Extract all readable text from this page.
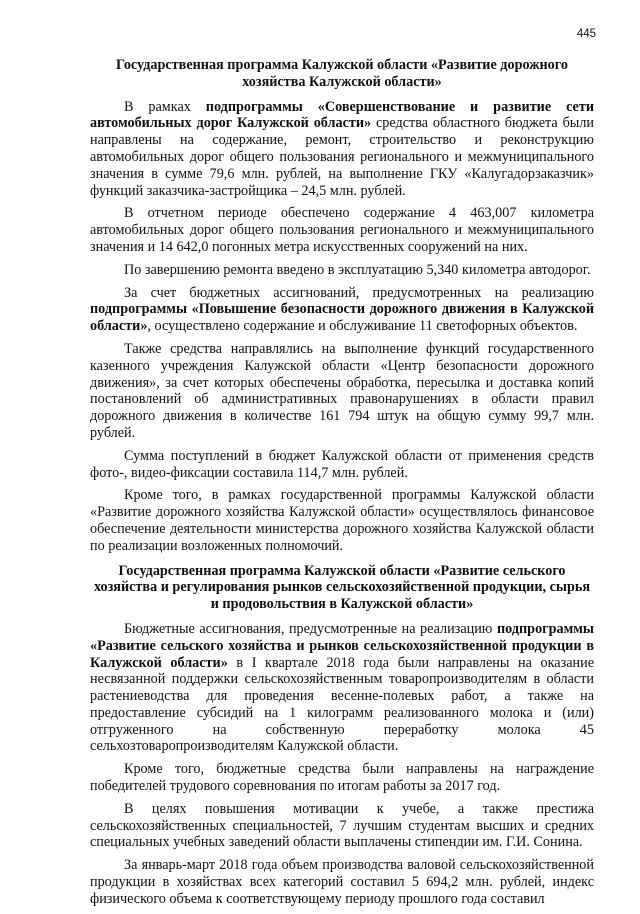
445

Государственная программа Калужской области «Развитие дорожного хозяйства Калужской области»

В рамках подпрограммы «Совершенствование и развитие сети автомобильных дорог Калужской области» средства областного бюджета были направлены на содержание, ремонт, строительство и реконструкцию автомобильных дорог общего пользования регионального и межмуниципального значения в сумме 79,6 млн. рублей, на выполнение ГКУ «Калугадорзаказчик» функций заказчика-застройщика – 24,5 млн. рублей.

В отчетном периоде обеспечено содержание 4 463,007 километра автомобильных дорог общего пользования регионального и межмуниципального значения и 14 642,0 погонных метра искусственных сооружений на них.

По завершению ремонта введено в эксплуатацию 5,340 километра автодорог.

За счет бюджетных ассигнований, предусмотренных на реализацию подпрограммы «Повышение безопасности дорожного движения в Калужской области», осуществлено содержание и обслуживание 11 светофорных объектов.

Также средства направлялись на выполнение функций государственного казенного учреждения Калужской области «Центр безопасности дорожного движения», за счет которых обеспечены обработка, пересылка и доставка копий постановлений об административных правонарушениях в области правил дорожного движения в количестве 161 794 штук на общую сумму 99,7 млн. рублей.

Сумма поступлений в бюджет Калужской области от применения средств фото-, видео-фиксации составила 114,7 млн. рублей.

Кроме того, в рамках государственной программы Калужской области «Развитие дорожного хозяйства Калужской области» осуществлялось финансовое обеспечение деятельности министерства дорожного хозяйства Калужской области по реализации возложенных полномочий.

Государственная программа Калужской области «Развитие сельского хозяйства и регулирования рынков сельскохозяйственной продукции, сырья и продовольствия в Калужской области»

Бюджетные ассигнования, предусмотренные на реализацию подпрограммы «Развитие сельского хозяйства и рынков сельскохозяйственной продукции в Калужской области» в I квартале 2018 года были направлены на оказание несвязанной поддержки сельскохозяйственным товаропроизводителям в области растениеводства для проведения весенне-полевых работ, а также на предоставление субсидий на 1 килограмм реализованного молока и (или) отгруженного на собственную переработку молока 45 сельхозтоваропроизводителям Калужской области.

Кроме того, бюджетные средства были направлены на награждение победителей трудового соревнования по итогам работы за 2017 год.

В целях повышения мотивации к учебе, а также престижа сельскохозяйственных специальностей, 7 лучшим студентам высших и средних специальных учебных заведений области выплачены стипендии им. Г.И. Сонина.

За январь-март 2018 года объем производства валовой сельскохозяйственной продукции в хозяйствах всех категорий составил 5 694,2 млн. рублей, индекс физического объема к соответствующему периоду прошлого года составил
